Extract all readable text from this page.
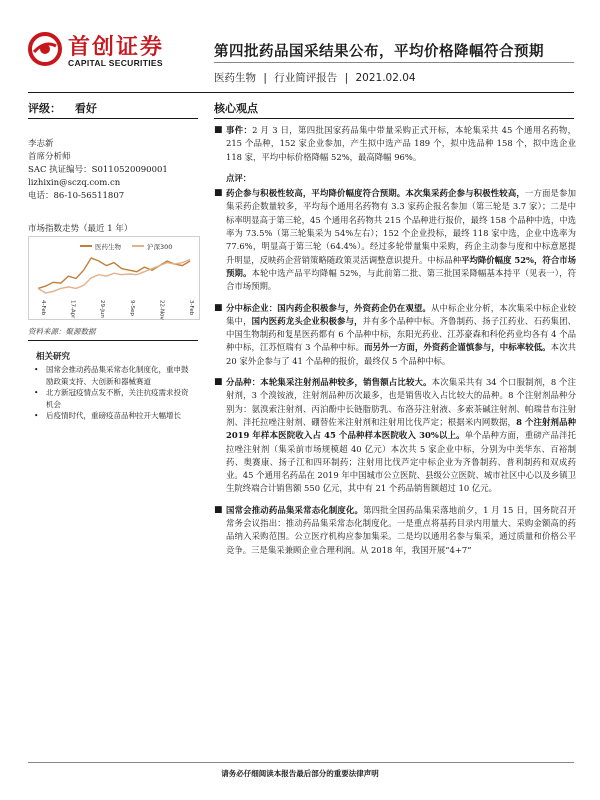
首创证券
CAPITAL SECURITIES
第四批药品国采结果公布，平均价格降幅符合预期
医药生物 | 行业简评报告 | 2021.02.04
评级： 看好
李志新
首席分析师
SAC 执证编号：S0110520090001
lizhixin@sczq.com.cn
电话：86-10-56511807
市场指数走势（最近 1 年）
医药生物	沪深300
4-Feb	17-Apr	29-Jun	9-Sep	22-Nov	3-Feb
资料来源：聚源数据
相关研究
• 国常会推动药品集采常态化制度化，重申鼓励政策支持、大创新和器械赛道
• 北方新冠疫情点发不断，关注抗疫需求投资机会
• 后疫情时代，重磅疫苗品种拉开大幅增长
核心观点
■ 事件：2 月 3 日，第四批国家药品集中带量采购正式开标，本轮集采共 45 个通用名药物，215 个品种，152 家企业参加，产生拟中选产品 189 个，拟中选品种 158 个，拟中选企业 118 家，平均中标价格降幅 52%，最高降幅 96%。
点评：
■ 药企参与积极性较高，平均降价幅度符合预期。本次集采药企参与积极性较高，一方面是参加集采药企数量较多，平均每个通用名药物有 3.3 家药企报名参加（第三轮是 3.7 家）；二是中标率明显高于第三轮，45 个通用名药物共 215 个品种进行报价，最终 158 个品种中选，中选率为 73.5%（第三轮集采为 54%左右）；152 个企业投标，最终 118 家中选，企业中选率为 77.6%，明显高于第三轮（64.4%）。经过多轮带量集中采购，药企主动参与度和中标意愿提升明显，反映药企营销策略随政策灵活调整意识提升。中标品种平均降价幅度 52%，符合市场预期。本轮中选产品平均降幅 52%，与此前第二批、第三批国采降幅基本持平（见表一），符合市场预期。
■ 分中标企业：国内药企积极参与，外资药企仍在观望。从中标企业分析，本次集采中标企业较集中，国内医药龙头企业积极参与，并有多个品种中标。齐鲁制药、扬子江药业、石药集团、中国生物制药和复星医药都有 6 个品种中标，东阳光药业、江苏豪森和科伦药业均各有 4 个品种中标，江苏恒瑞有 3 个品种中标。而另外一方面，外资药企谨慎参与，中标率较低。本次共 20 家外企参与了 41 个品种的报价，最终仅 5 个品种中标。
■ 分品种：本轮集采注射剂品种较多，销售额占比较大。本次集采共有 34 个口服制剂，8 个注射剂，3 个溴铵液，注射剂品种历次最多，也是销售收入占比较大的品种。8 个注射剂品种分别为：氨溴索注射剂、丙泊酚中长链脂肪乳、布洛芬注射液、多索茶碱注射剂、帕瑞昔布注射剂、泮托拉唑注射剂、硼替佐米注射剂和注射用比伐芦定；根据米内网数据，8 个注射剂品种 2019 年样本医院收入占 45 个品种样本医院收入 30%以上。单个品种方面，重磅产品泮托拉唑注射剂（集采前市场规模超 40 亿元）本次共 5 家企业中标，分别为中美华东、百裕制药、奥赛康、扬子江和四环制药；注射用比伐芦定中标企业为齐鲁制药、普利制药和双成药业。45 个通用名药品在 2019 年中国城市公立医院、县级公立医院、城市社区中心以及乡镇卫生院终端合计销售额 550 亿元，其中有 21 个药品销售额超过 10 亿元。
■ 国常会推动药品集采常态化制度化。第四批全国药品集采落地前夕，1 月 15 日，国务院召开常务会议指出：推动药品集采常态化制度化。一是重点将基药目录内用量大、采购金额高的药品纳入采购范围。公立医疗机构应参加集采。二是均以通用名参与集采，通过质量和价格公平竞争。三是集采兼顾企业合理利润。从 2018 年，我国开展“4+7”
请务必仔细阅读本报告最后部分的重要法律声明
